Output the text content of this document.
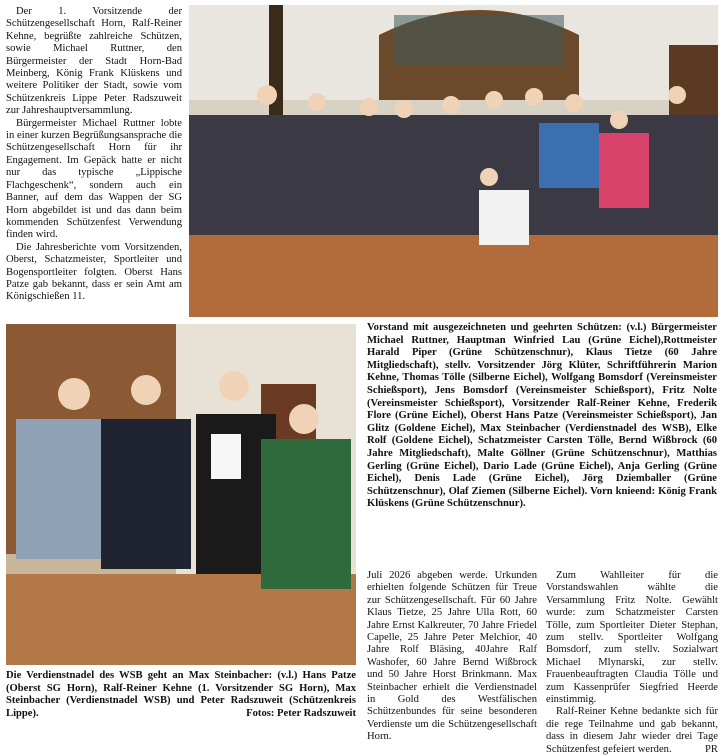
Der 1. Vorsitzende der Schützengesellschaft Horn, Ralf-Reiner Kehne, begrüßte zahlreiche Schützen, sowie Michael Ruttner, den Bürgermeister der Stadt Horn-Bad Meinberg, König Frank Klüskens und weitere Politiker der Stadt, sowie vom Schützenkreis Lippe Peter Radszuweit zur Jahreshauptversammlung.

Bürgermeister Michael Ruttner lobte in einer kurzen Begrüßungsansprache die Schützengesellschaft Horn für ihr Engagement. Im Gepäck hatte er nicht nur das typische „Lippische Flachgeschenk“, sondern auch ein Banner, auf dem das Wappen der SG Horn abgebildet ist und das dann beim kommenden Schützenfest Verwendung finden wird.

Die Jahresberichte vom Vorsitzenden, Oberst, Schatzmeister, Sportleiter und Bogensportleiter folgten. Oberst Hans Patze gab bekannt, dass er sein Amt am Königschießen 11.

Vorstand mit ausgezeichneten und geehrten Schützen: (v.l.) Bürgermeister Michael Ruttner, Hauptman Winfried Lau (Grüne Eichel),Rottmeister Harald Piper (Grüne Schützenschnur), Klaus Tietze (60 Jahre Mitgliedschaft), stellv. Vorsitzender Jörg Klüter, Schriftführerin Marion Kehne, Thomas Tölle (Silberne Eichel), Wolfgang Bomsdorf (Vereinsmeister Schießsport), Jens Bomsdorf (Vereinsmeister Schießsport), Fritz Nolte (Vereinsmeister Schießsport), Vorsitzender Ralf-Reiner Kehne, Frederik Flore (Grüne Eichel), Oberst Hans Patze (Vereinsmeister Schießsport), Jan Glitz (Goldene Eichel), Max Steinbacher (Verdienstnadel des WSB), Elke Rolf (Goldene Eichel), Schatzmeister Carsten Tölle, Bernd Wißbrock (60 Jahre Mitgliedschaft), Malte Göllner (Grüne Schützenschnur), Matthias Gerling (Grüne Eichel), Dario Lade (Grüne Eichel), Anja Gerling (Grüne Eichel), Denis Lade (Grüne Eichel), Jörg Dziemballer (Grüne Schützenschnur), Olaf Ziemen (Silberne Eichel). Vorn knieend: König Frank Klüskens (Grüne Schützenschnur).
Die Verdienstnadel des WSB geht an Max Steinbacher: (v.l.) Hans Patze (Oberst SG Horn), Ralf-Reiner Kehne (1. Vorsitzender SG Horn), Max Steinbacher (Verdienstnadel WSB) und Peter Radszuweit (Schützenkreis Lippe).	Fotos: Peter Radszuweit

Juli 2026 abgeben werde. Urkunden erhielten folgende Schützen für Treue zur Schützengesellschaft. Für 60 Jahre Klaus Tietze, 25 Jahre Ulla Rott, 60 Jahre Ernst Kalkreuter, 70 Jahre Friedel Capelle, 25 Jahre Peter Melchior, 40 Jahre Rolf Bläsing, 40Jahre Ralf Washofer, 60 Jahre Bernd Wißbrock und 50 Jahre Horst Brinkmann. Max Steinbacher erhielt die Verdienstnadel in Gold des Westfälischen Schützenbundes für seine besonderen Verdienste um die Schützengesellschaft Horn.

Zum Wahlleiter für die Vorstandswahlen wählte die Versammlung Fritz Nolte. Gewählt wurde: zum Schatzmeister Carsten Tölle, zum Sportleiter Dieter Stephan, zum stellv. Sportleiter Wolfgang Bomsdorf, zum stellv. Sozialwart Michael Mlynarski, zur stellv. Frauenbeauftragten Claudia Tölle und zum Kassenprüfer Siegfried Heerde einstimmig.

Ralf-Reiner Kehne bedankte sich für die rege Teilnahme und gab bekannt, dass in diesem Jahr wieder drei Tage Schützenfest gefeiert werden.	PR
